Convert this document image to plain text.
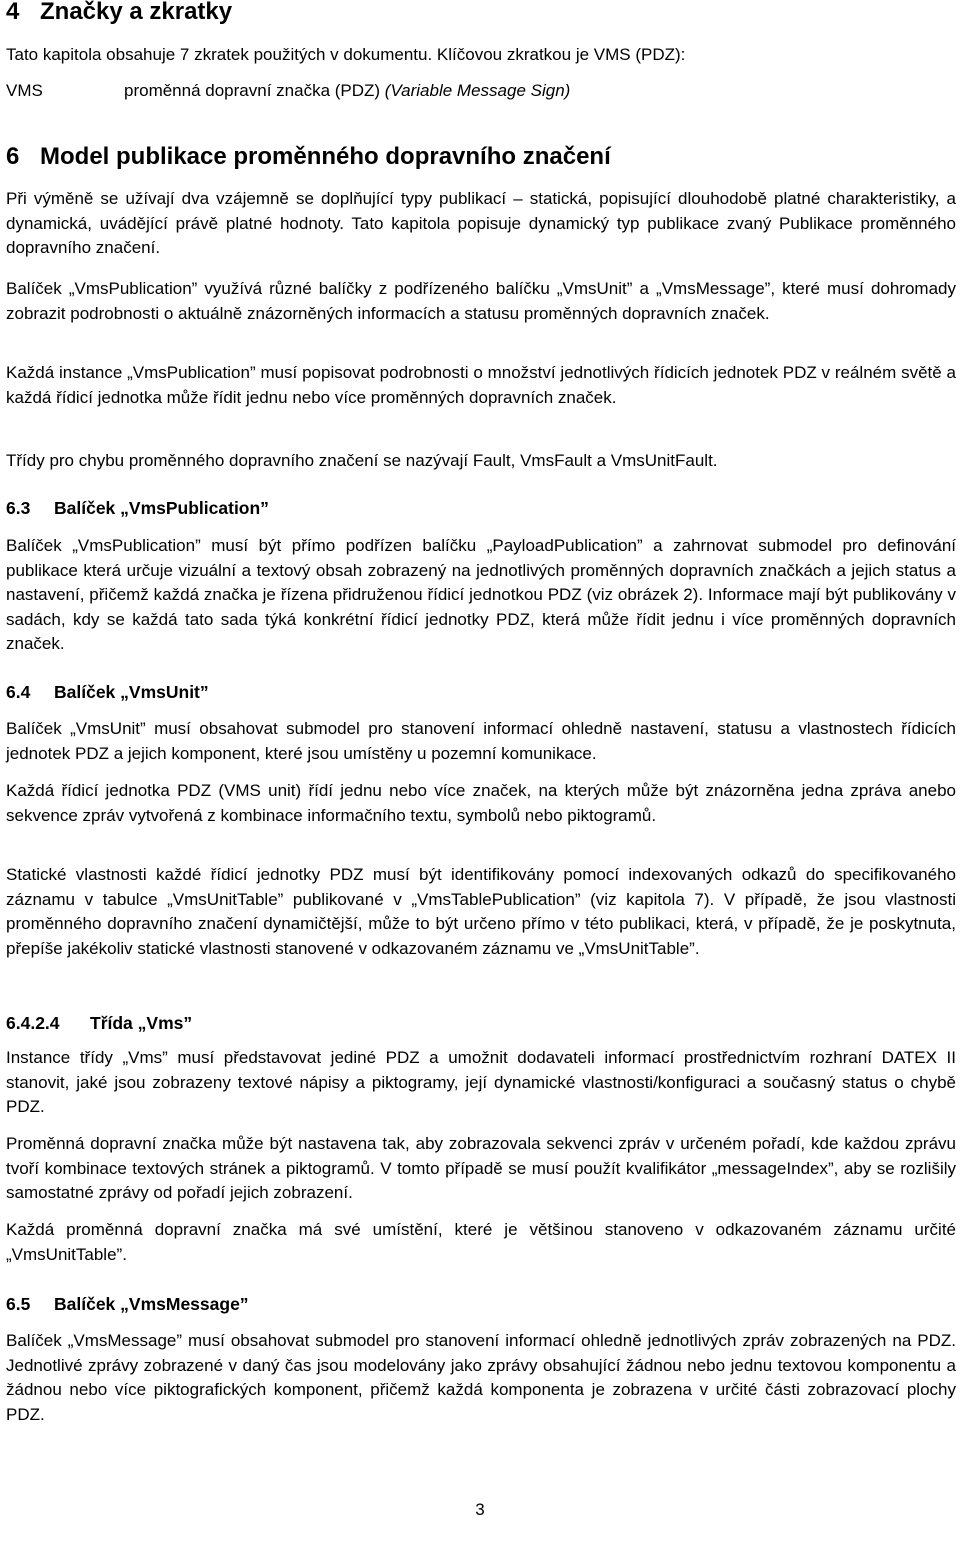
4 Značky a zkratky

Tato kapitola obsahuje 7 zkratek použitých v dokumentu. Klíčovou zkratkou je VMS (PDZ):

VMS	proměnná dopravní značka (PDZ) (Variable Message Sign)
6 Model publikace proměnného dopravního značení

Při výměně se užívají dva vzájemně se doplňující typy publikací – statická, popisující dlouhodobě platné charakteristiky, a dynamická, uvádějící právě platné hodnoty. Tato kapitola popisuje dynamický typ publikace zvaný Publikace proměnného dopravního značení.

Balíček „VmsPublication” využívá různé balíčky z podřízeného balíčku „VmsUnit” a „VmsMessage”, které musí dohromady zobrazit podrobnosti o aktuálně znázorněných informacích a statusu proměnných dopravních značek.

Každá instance „VmsPublication” musí popisovat podrobnosti o množství jednotlivých řídicích jednotek PDZ v reálném světě a každá řídicí jednotka může řídit jednu nebo více proměnných dopravních značek.

Třídy pro chybu proměnného dopravního značení se nazývají Fault, VmsFault a VmsUnitFault.

6.3 Balíček „VmsPublication”

Balíček „VmsPublication” musí být přímo podřízen balíčku „PayloadPublication” a zahrnovat submodel pro definování publikace která určuje vizuální a textový obsah zobrazený na jednotlivých proměnných dopravních značkách a jejich status a nastavení, přičemž každá značka je řízena přidruženou řídicí jednotkou PDZ (viz obrázek 2). Informace mají být publikovány v sadách, kdy se každá tato sada týká konkrétní řídicí jednotky PDZ, která může řídit jednu i více proměnných dopravních značek.

6.4 Balíček „VmsUnit”

Balíček „VmsUnit” musí obsahovat submodel pro stanovení informací ohledně nastavení, statusu a vlastnostech řídicích jednotek PDZ a jejich komponent, které jsou umístěny u pozemní komunikace.

Každá řídicí jednotka PDZ (VMS unit) řídí jednu nebo více značek, na kterých může být znázorněna jedna zpráva anebo sekvence zpráv vytvořená z kombinace informačního textu, symbolů nebo piktogramů.

Statické vlastnosti každé řídicí jednotky PDZ musí být identifikovány pomocí indexovaných odkazů do specifikovaného záznamu v tabulce „VmsUnitTable” publikované v „VmsTablePublication” (viz kapitola 7). V případě, že jsou vlastnosti proměnného dopravního značení dynamičtější, může to být určeno přímo v této publikaci, která, v případě, že je poskytnuta, přepíše jakékoliv statické vlastnosti stanovené v odkazovaném záznamu ve „VmsUnitTable”.

6.4.2.4 Třída „Vms”

Instance třídy „Vms” musí představovat jediné PDZ a umožnit dodavateli informací prostřednictvím rozhraní DATEX II stanovit, jaké jsou zobrazeny textové nápisy a piktogramy, její dynamické vlastnosti/konfiguraci a současný status o chybě PDZ.

Proměnná dopravní značka může být nastavena tak, aby zobrazovala sekvenci zpráv v určeném pořadí, kde každou zprávu tvoří kombinace textových stránek a piktogramů. V tomto případě se musí použít kvalifikátor „messageIndex”, aby se rozlišily samostatné zprávy od pořadí jejich zobrazení.

Každá proměnná dopravní značka má své umístění, které je většinou stanoveno v odkazovaném záznamu určité „VmsUnitTable”.

6.5 Balíček „VmsMessage”

Balíček „VmsMessage” musí obsahovat submodel pro stanovení informací ohledně jednotlivých zpráv zobrazených na PDZ. Jednotlivé zprávy zobrazené v daný čas jsou modelovány jako zprávy obsahující žádnou nebo jednu textovou komponentu a žádnou nebo více piktografických komponent, přičemž každá komponenta je zobrazena v určité části zobrazovací plochy PDZ.

3
